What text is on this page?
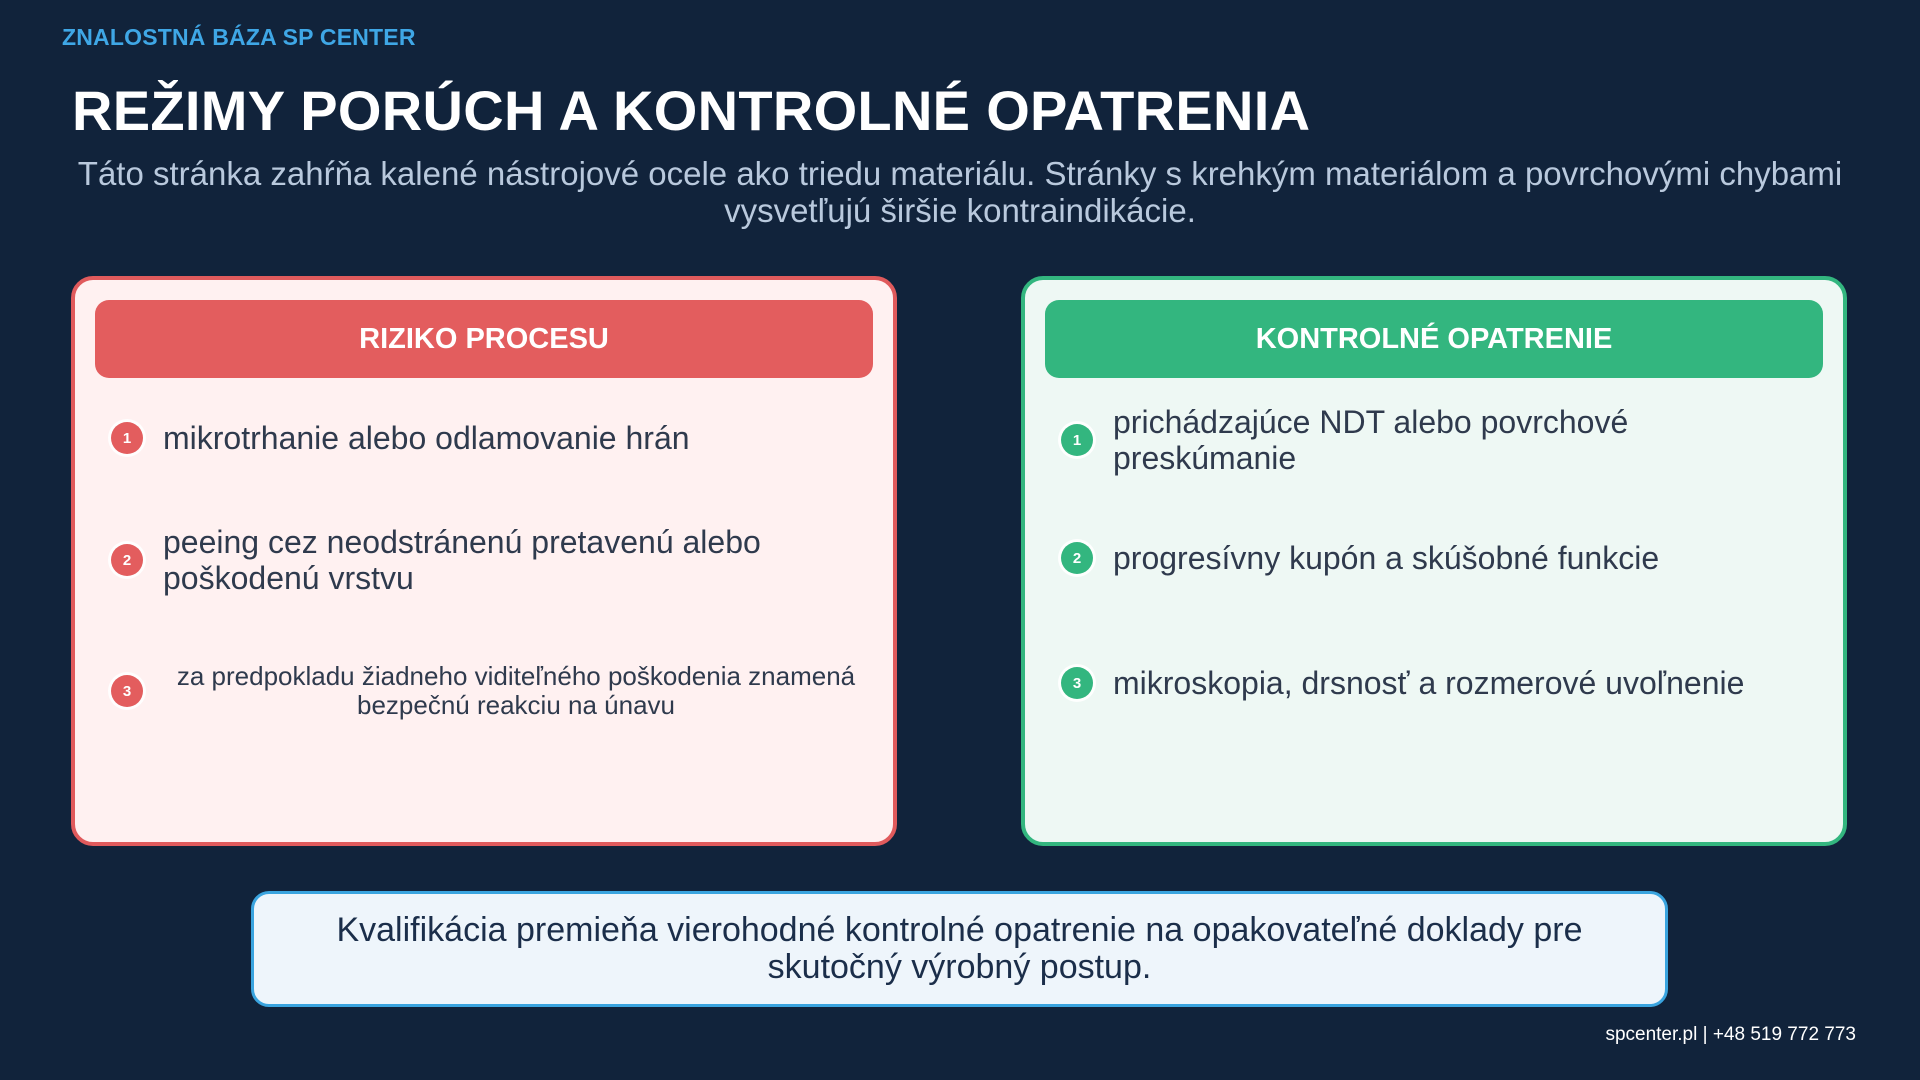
ZNALOSTNÁ BÁZA SP CENTER
REŽIMY PORÚCH A KONTROLNÉ OPATRENIA
Táto stránka zahŕňa kalené nástrojové ocele ako triedu materiálu. Stránky s krehkým materiálom a povrchovými chybami vysvetľujú širšie kontraindikácie.
RIZIKO PROCESU
1 mikrotrhanie alebo odlamovanie hrán
2 peeing cez neodstránenú pretavenú alebo poškodenú vrstvu
3	za predpokladu žiadneho viditeľného poškodenia znamená bezpečnú reakciu na únavu
KONTROLNÉ OPATRENIE
1 prichádzajúce NDT alebo povrchové preskúmanie
2 progresívny kupón a skúšobné funkcie
3 mikroskopia, drsnosť a rozmerové uvoľnenie
Kvalifikácia premieňa vierohodné kontrolné opatrenie na opakovateľné doklady pre skutočný výrobný postup.
spcenter.pl | +48 519 772 773
